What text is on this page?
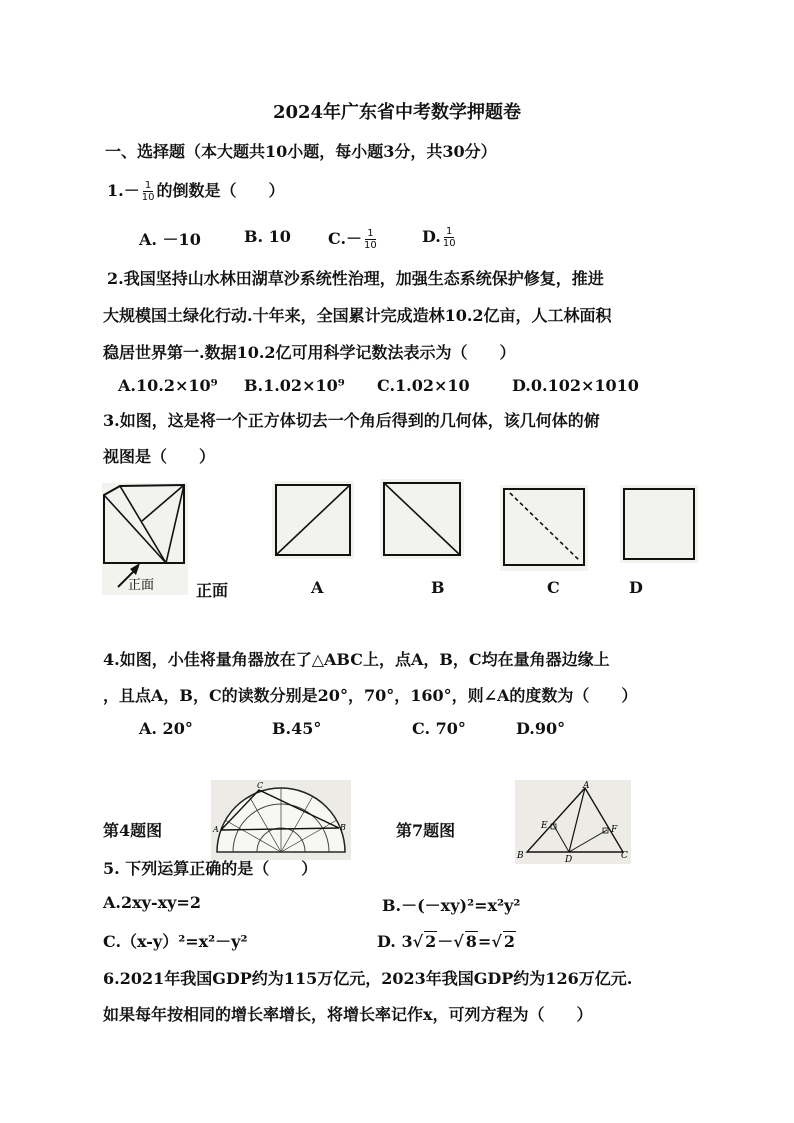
2024年广东省中考数学押题卷
一、选择题（本大题共10小题，每小题3分，共30分）
$1.- \frac{1}{10}$ 的倒数是（　　）
A. －10	B. 10 $C.- \frac{1}{10}$	D. $\frac{1}{10}$
2.我国坚持山水林田湖草沙系统性治理，加强生态系统保护修复，推进
大规模国土绿化行动.十年来，全国累计完成造林10.2亿亩，人工林面积
稳居世界第一.数据10.2亿可用科学记数法表示为（　　）
A.10.2×10⁹ B.1.02×10⁹ C.1.02×10	D.0.102×1010
3.如图，这是将一个正方体切去一个角后得到的几何体，该几何体的俯
视图是（　　）
正面	正面	A	B	C	D
4.如图，小佳将量角器放在了△ABC上，点A，B，C均在量角器边缘上
，且点A，B，C的读数分别是20°，70°，160°，则∠A的度数为（　　）
A. 20°	B.45°	C. 70°	D.90°
第4题图	第7题图
C
A	B
A
B	C
D
E	F
5. 下列运算正确的是（　　）
A.2xy-xy=2	B.－(－xy)²=x²y²
C.（x-y）²=x²－y²	D. 3√ 2－√ 8=√ 2
6.2021年我国GDP约为115万亿元，2023年我国GDP约为126万亿元.
如果每年按相同的增长率增长，将增长率记作x，可列方程为（　　）
